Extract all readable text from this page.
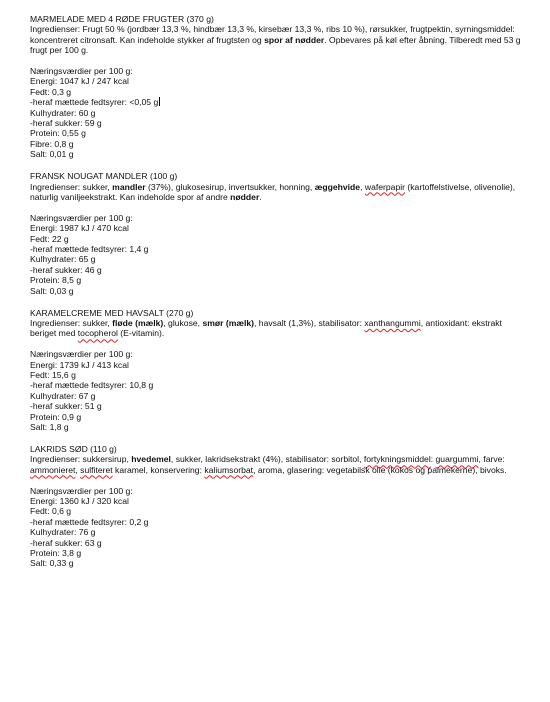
MARMELADE MED 4 RØDE FRUGTER (370 g)
Ingredienser: Frugt 50 % (jordbær 13,3 %, hindbær 13,3 %, kirsebær 13,3 %, ribs 10 %), rørsukker, frugtpektin, syrningsmiddel: koncentreret citronsaft. Kan indeholde stykker af frugtsten og spor af nødder. Opbevares på køl efter åbning. Tilberedt med 53 g frugt per 100 g.
Næringsværdier per 100 g:
Energi: 1047 kJ / 247 kcal
Fedt: 0,3 g
-heraf mættede fedtsyrer: <0,05 g
Kulhydrater: 60 g
-heraf sukker: 59 g
Protein: 0,55 g
Fibre: 0,8 g
Salt: 0,01 g
FRANSK NOUGAT MANDLER (100 g)
Ingredienser: sukker, mandler (37%), glukosesirup, invertsukker, honning, æggehvide, waferpapir (kartoffelstivelse, olivenolie), naturlig vaniljeekstrakt. Kan indeholde spor af andre nødder.
Næringsværdier per 100 g:
Energi: 1987 kJ / 470 kcal
Fedt: 22 g
-heraf mættede fedtsyrer: 1,4 g
Kulhydrater: 65 g
-heraf sukker: 46 g
Protein: 8,5 g
Salt: 0,03 g
KARAMELCREME MED HAVSALT (270 g)
Ingredienser: sukker, fløde (mælk), glukose, smør (mælk), havsalt (1,3%), stabilisator: xanthangummi, antioxidant: ekstrakt beriget med tocopherol (E-vitamin).
Næringsværdier per 100 g:
Energi: 1739 kJ / 413 kcal
Fedt: 15,6 g
-heraf mættede fedtsyrer: 10,8 g
Kulhydrater: 67 g
-heraf sukker: 51 g
Protein: 0,9 g
Salt: 1,8 g
LAKRIDS SØD (110 g)
Ingredienser: sukkersirup, hvedemel, sukker, lakridsekstrakt (4%), stabilisator: sorbitol, fortykningsmiddel: guargummi, farve: ammonieret, sulfiteret karamel, konservering: kaliumsorbat, aroma, glasering: vegetabilsk olie (kokos og palmekerne), bivoks.
Næringsværdier per 100 g:
Energi: 1360 kJ / 320 kcal
Fedt: 0,6 g
-heraf mættede fedtsyrer: 0,2 g
Kulhydrater: 76 g
-heraf sukker: 63 g
Protein: 3,8 g
Salt: 0,33 g
